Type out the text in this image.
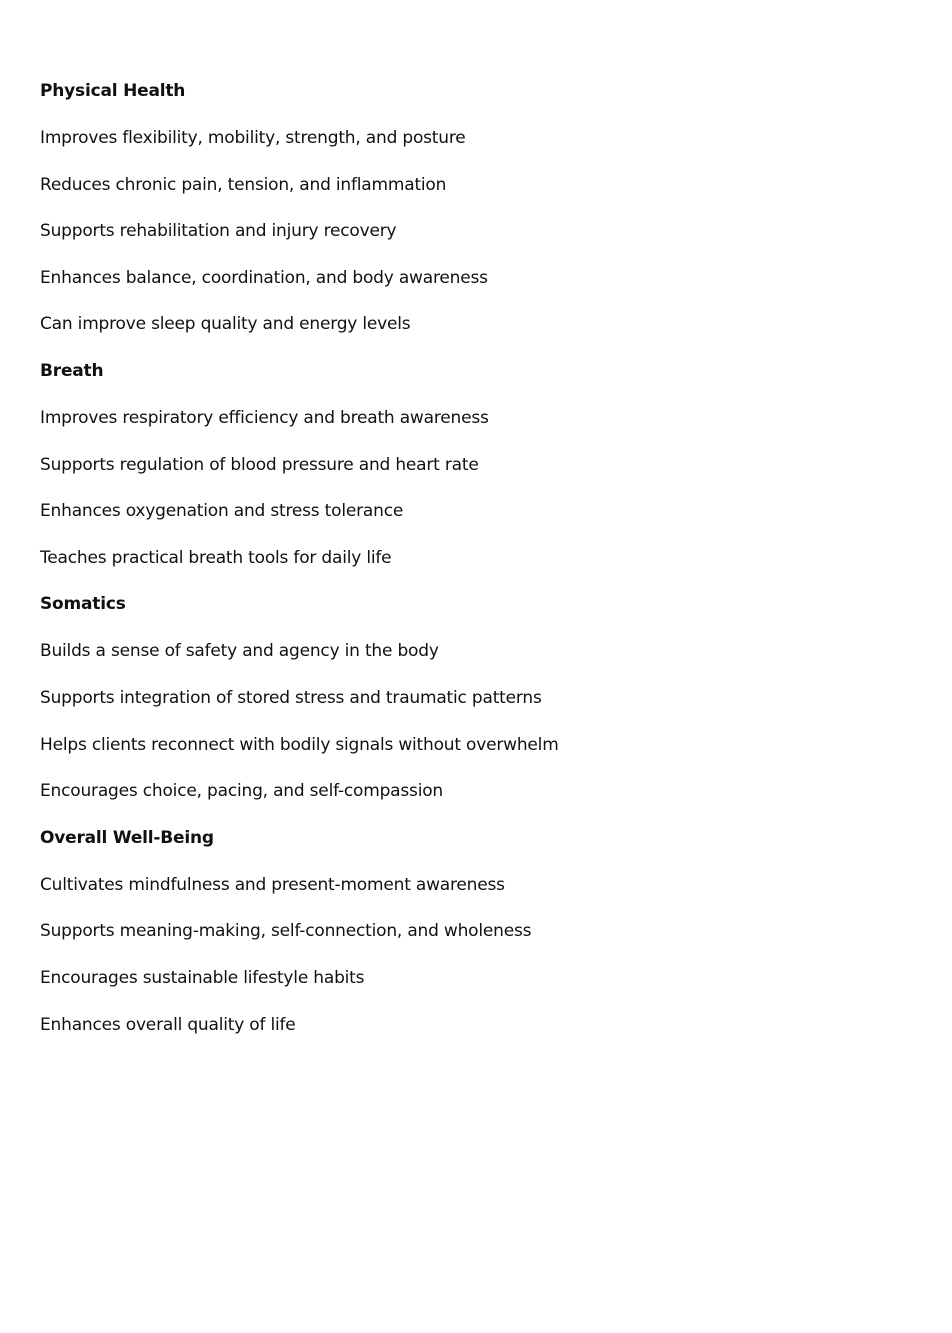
Physical Health
Improves flexibility, mobility, strength, and posture
Reduces chronic pain, tension, and inflammation
Supports rehabilitation and injury recovery
Enhances balance, coordination, and body awareness
Can improve sleep quality and energy levels
Breath
Improves respiratory efficiency and breath awareness
Supports regulation of blood pressure and heart rate
Enhances oxygenation and stress tolerance
Teaches practical breath tools for daily life
Somatics
Builds a sense of safety and agency in the body
Supports integration of stored stress and traumatic patterns
Helps clients reconnect with bodily signals without overwhelm
Encourages choice, pacing, and self-compassion
Overall Well-Being
Cultivates mindfulness and present-moment awareness
Supports meaning-making, self-connection, and wholeness
Encourages sustainable lifestyle habits
Enhances overall quality of life
